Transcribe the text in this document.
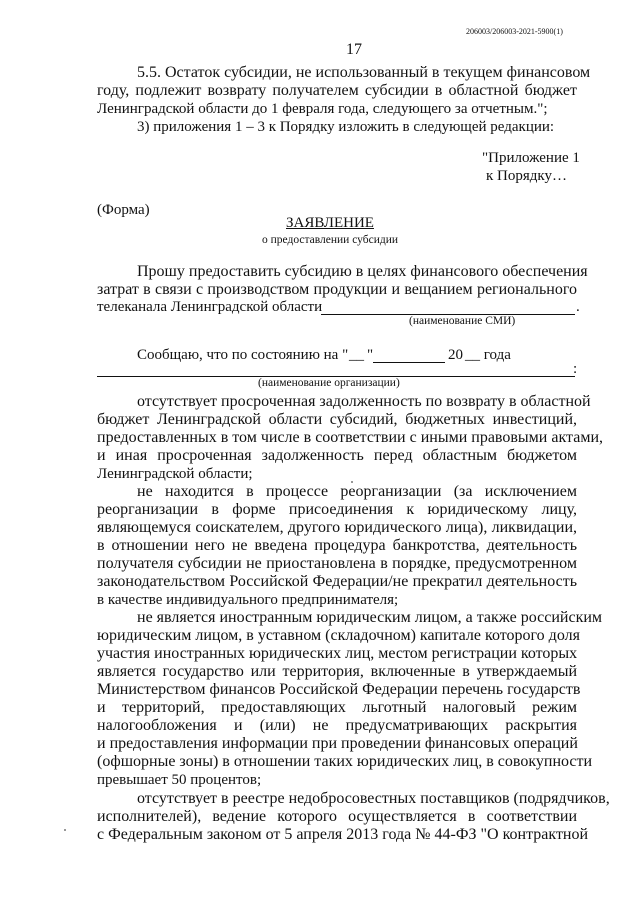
206003/206003-2021-5900(1)
17
5.5. Остаток субсидии, не использованный в текущем финансовом
году, подлежит возврату получателем субсидии в областной бюджет
Ленинградской области до 1 февраля года, следующего за отчетным.";
3) приложения 1 – 3 к Порядку изложить в следующей редакции:
"Приложение 1
к Порядку…
(Форма)
ЗАЯВЛЕНИЕ
о предоставлении субсидии
Прошу предоставить субсидию в целях финансового обеспечения
затрат в связи с производством продукции и вещанием регионального
телеканала Ленинградской области	.
(наименование СМИ)
Сообщаю, что по состоянию на " __ "	20 __ года
:
(наименование организации)
отсутствует просроченная задолженность по возврату в областной
бюджет Ленинградской области субсидий, бюджетных инвестиций,
предоставленных в том числе в соответствии с иными правовыми актами,
и иная просроченная задолженность перед областным бюджетом
Ленинградской области;
не находится в процессе реорганизации (за исключением
реорганизации в форме присоединения к юридическому лицу,
являющемуся соискателем, другого юридического лица), ликвидации,
в отношении него не введена процедура банкротства, деятельность
получателя субсидии не приостановлена в порядке, предусмотренном
законодательством Российской Федерации/не прекратил деятельность
в качестве индивидуального предпринимателя;
не является иностранным юридическим лицом, а также российским
юридическим лицом, в уставном (складочном) капитале которого доля
участия иностранных юридических лиц, местом регистрации которых
является государство или территория, включенные в утверждаемый
Министерством финансов Российской Федерации перечень государств
и территорий, предоставляющих льготный налоговый режим
налогообложения и (или) не предусматривающих раскрытия
и предоставления информации при проведении финансовых операций
(офшорные зоны) в отношении таких юридических лиц, в совокупности
превышает 50 процентов;
отсутствует в реестре недобросовестных поставщиков (подрядчиков,
исполнителей), ведение которого осуществляется в соответствии
с Федеральным законом от 5 апреля 2013 года № 44-ФЗ "О контрактной
